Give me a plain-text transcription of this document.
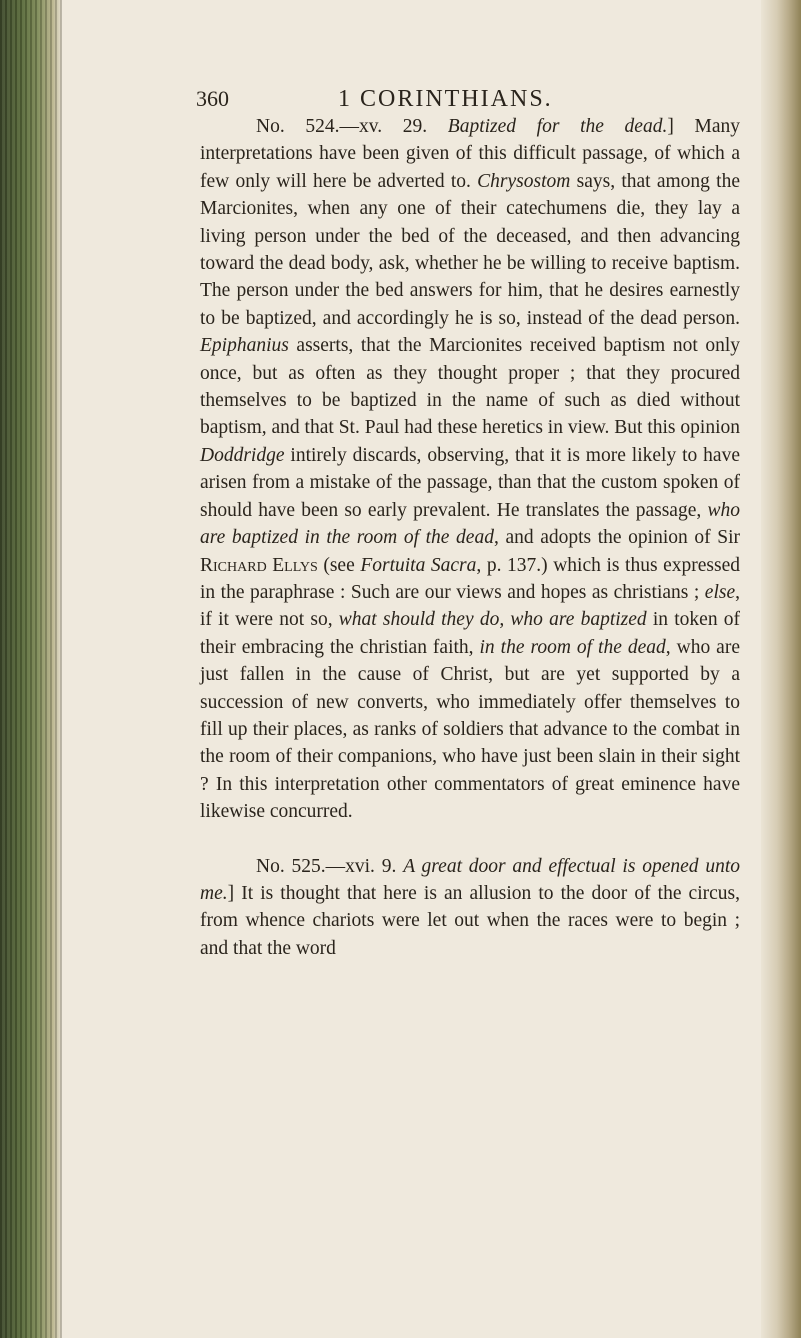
360	1 CORINTHIANS.

No. 524.—xv. 29. Baptized for the dead.] Many interpretations have been given of this difficult passage, of which a few only will here be adverted to. Chrysostom says, that among the Marcionites, when any one of their catechumens die, they lay a living person under the bed of the deceased, and then advancing toward the dead body, ask, whether he be willing to receive baptism. The person under the bed answers for him, that he desires earnestly to be baptized, and accordingly he is so, instead of the dead person. Epiphanius asserts, that the Marcionites received baptism not only once, but as often as they thought proper ; that they procured themselves to be baptized in the name of such as died without baptism, and that St. Paul had these heretics in view. But this opinion Doddridge intirely discards, observing, that it is more likely to have arisen from a mistake of the passage, than that the custom spoken of should have been so early prevalent. He translates the passage, who are baptized in the room of the dead, and adopts the opinion of Sir Richard Ellys (see Fortuita Sacra, p. 137.) which is thus expressed in the paraphrase : Such are our views and hopes as christians ; else, if it were not so, what should they do, who are baptized in token of their embracing the christian faith, in the room of the dead, who are just fallen in the cause of Christ, but are yet supported by a succession of new converts, who immediately offer themselves to fill up their places, as ranks of soldiers that advance to the combat in the room of their companions, who have just been slain in their sight ? In this interpretation other commentators of great eminence have likewise concurred.

No. 525.—xvi. 9. A great door and effectual is opened unto me.] It is thought that here is an allusion to the door of the circus, from whence chariots were let out when the races were to begin ; and that the word
